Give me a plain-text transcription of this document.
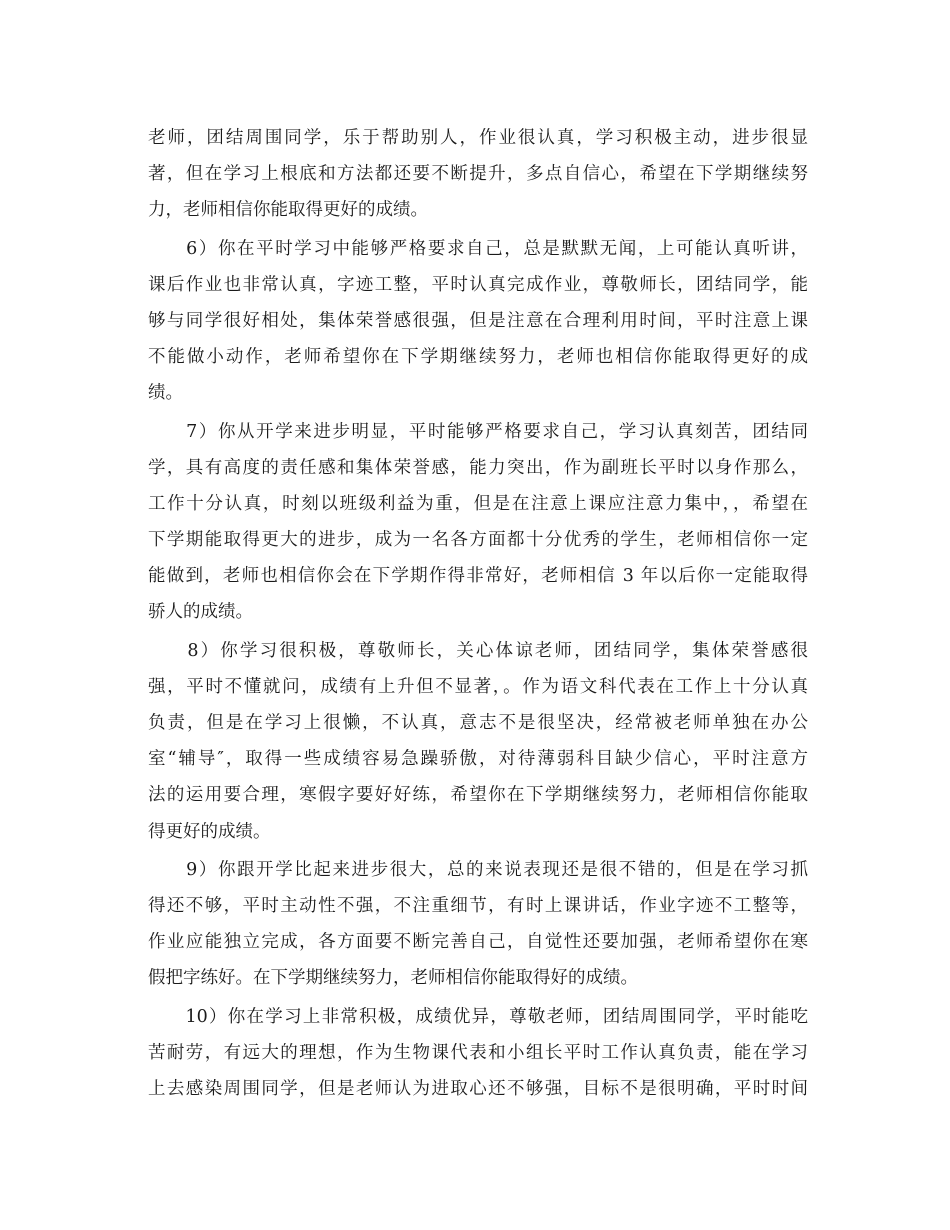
老师，团结周围同学，乐于帮助别人，作业很认真，学习积极主动，进步很显
著，但在学习上根底和方法都还要不断提升，多点自信心，希望在下学期继续努
力，老师相信你能取得更好的成绩。
　　6）你在平时学习中能够严格要求自己，总是默默无闻，上可能认真听讲，
课后作业也非常认真，字迹工整，平时认真完成作业，尊敬师长，团结同学，能
够与同学很好相处，集体荣誉感很强，但是注意在合理利用时间，平时注意上课
不能做小动作，老师希望你在下学期继续努力，老师也相信你能取得更好的成
绩。
　　7）你从开学来进步明显，平时能够严格要求自己，学习认真刻苦，团结同
学，具有高度的责任感和集体荣誉感，能力突出，作为副班长平时以身作那么，
工作十分认真，时刻以班级利益为重，但是在注意上课应注意力集中，，希望在
下学期能取得更大的进步，成为一名各方面都十分优秀的学生，老师相信你一定
能做到，老师也相信你会在下学期作得非常好，老师相信 3 年以后你一定能取得
骄人的成绩。
　　8）你学习很积极，尊敬师长，关心体谅老师，团结同学，集体荣誉感很
强，平时不懂就问，成绩有上升但不显著，。作为语文科代表在工作上十分认真
负责，但是在学习上很懒，不认真，意志不是很坚决，经常被老师单独在办公
室“辅导″，取得一些成绩容易急躁骄傲，对待薄弱科目缺少信心，平时注意方
法的运用要合理，寒假字要好好练，希望你在下学期继续努力，老师相信你能取
得更好的成绩。
　　9）你跟开学比起来进步很大，总的来说表现还是很不错的，但是在学习抓
得还不够，平时主动性不强，不注重细节，有时上课讲话，作业字迹不工整等，
作业应能独立完成，各方面要不断完善自己，自觉性还要加强，老师希望你在寒
假把字练好。在下学期继续努力，老师相信你能取得好的成绩。
　　10）你在学习上非常积极，成绩优异，尊敬老师，团结周围同学，平时能吃
苦耐劳，有远大的理想，作为生物课代表和小组长平时工作认真负责，能在学习
上去感染周围同学，但是老师认为进取心还不够强，目标不是很明确，平时时间
